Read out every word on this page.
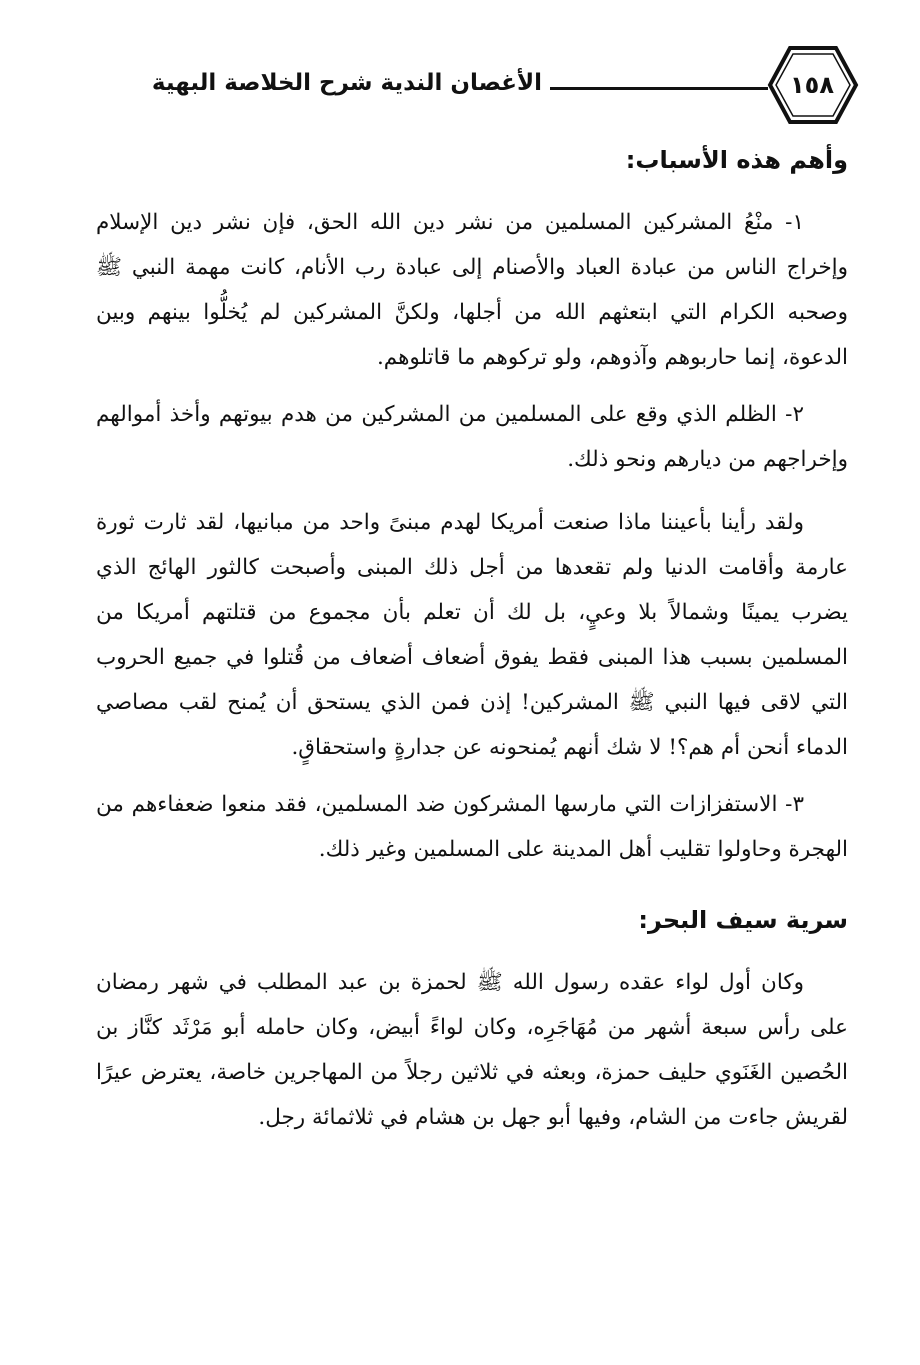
الأغصان الندية شرح الخلاصة البهية	١٥٨
وأهم هذه الأسباب:

١- منْعُ المشركين المسلمين من نشر دين الله الحق، فإن نشر دين الإسلام وإخراج الناس من عبادة العباد والأصنام إلى عبادة رب الأنام، كانت مهمة النبي ﷺ وصحبه الكرام التي ابتعثهم الله من أجلها، ولكنَّ المشركين لم يُخلُّوا بينهم وبين الدعوة، إنما حاربوهم وآذوهم، ولو تركوهم ما قاتلوهم.

٢- الظلم الذي وقع على المسلمين من المشركين من هدم بيوتهم وأخذ أموالهم وإخراجهم من ديارهم ونحو ذلك.

ولقد رأينا بأعيننا ماذا صنعت أمريكا لهدم مبنىً واحد من مبانيها، لقد ثارت ثورة عارمة وأقامت الدنيا ولم تقعدها من أجل ذلك المبنى وأصبحت كالثور الهائج الذي يضرب يمينًا وشمالاً بلا وعيٍ، بل لك أن تعلم بأن مجموع من قتلتهم أمريكا من المسلمين بسبب هذا المبنى فقط يفوق أضعاف أضعاف من قُتلوا في جميع الحروب التي لاقى فيها النبي ﷺ المشركين! إذن فمن الذي يستحق أن يُمنح لقب مصاصي الدماء أنحن أم هم؟! لا شك أنهم يُمنحونه عن جدارةٍ واستحقاقٍ.

٣- الاستفزازات التي مارسها المشركون ضد المسلمين، فقد منعوا ضعفاءهم من الهجرة وحاولوا تقليب أهل المدينة على المسلمين وغير ذلك.

سرية سيف البحر:

وكان أول لواء عقده رسول الله ﷺ لحمزة بن عبد المطلب في شهر رمضان على رأس سبعة أشهر من مُهَاجَرِه، وكان لواءً أبيض، وكان حامله أبو مَرْثَد كنَّاز بن الحُصين الغَنَوي حليف حمزة، وبعثه في ثلاثين رجلاً من المهاجرين خاصة، يعترض عيرًا لقريش جاءت من الشام، وفيها أبو جهل بن هشام في ثلاثمائة رجل.
